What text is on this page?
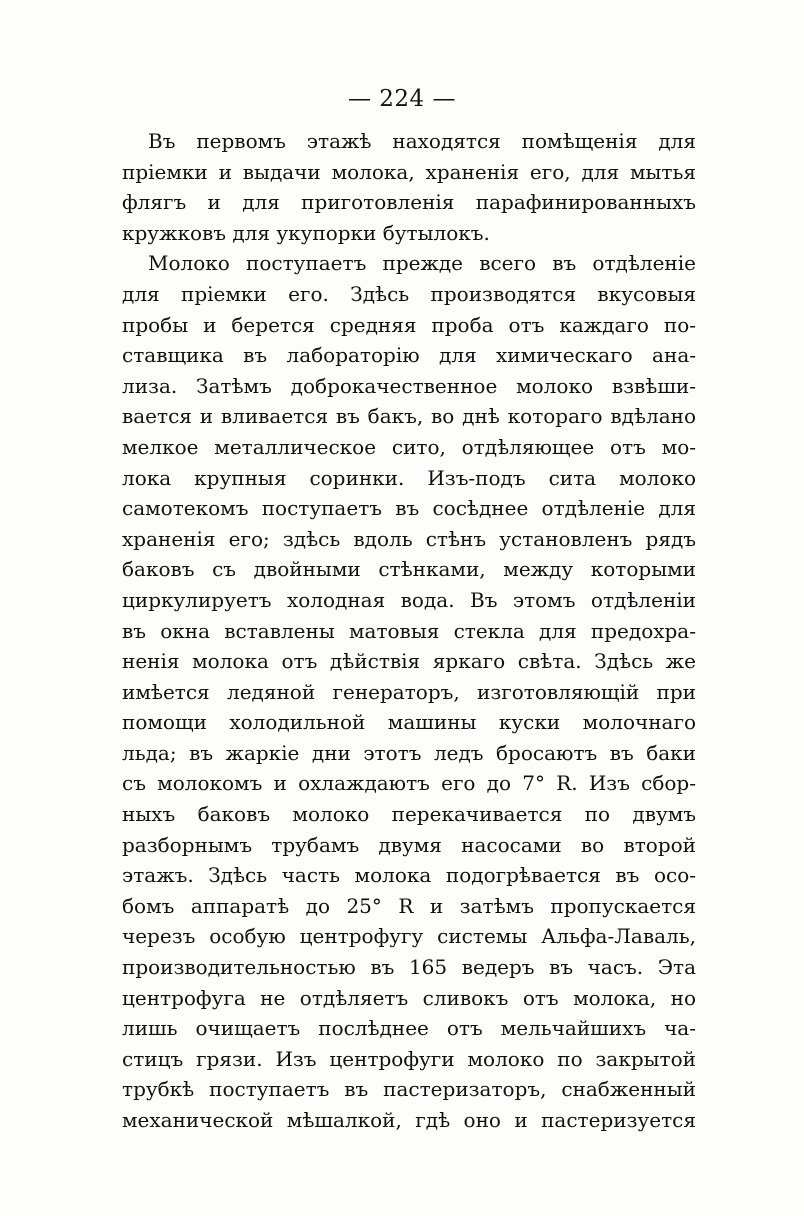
— 224 —
Въ первомъ этажѣ находятся помѣщенія для
пріемки и выдачи молока, храненія его, для мытья
флягъ и для приготовленія парафинированныхъ
кружковъ для укупорки бутылокъ.
Молоко поступаетъ прежде всего въ отдѣленіе
для пріемки его. Здѣсь производятся вкусовыя
пробы и берется средняя проба отъ каждаго по-
ставщика въ лабораторію для химическаго ана-
лиза. Затѣмъ доброкачественное молоко взвѣши-
вается и вливается въ бакъ, во днѣ котораго вдѣлано
мелкое металлическое сито, отдѣляющее отъ мо-
лока крупныя соринки. Изъ-подъ сита молоко
самотекомъ поступаетъ въ сосѣднее отдѣленіе для
храненія его; здѣсь вдоль стѣнъ установленъ рядъ
баковъ съ двойными стѣнками, между которыми
циркулируетъ холодная вода. Въ этомъ отдѣленіи
въ окна вставлены матовыя стекла для предохра-
ненія молока отъ дѣйствія яркаго свѣта. Здѣсь же
имѣется ледяной генераторъ, изготовляющій при
помощи холодильной машины куски молочнаго
льда; въ жаркіе дни этотъ ледъ бросаютъ въ баки
съ молокомъ и охлаждаютъ его до 7° R. Изъ сбор-
ныхъ баковъ молоко перекачивается по двумъ
разборнымъ трубамъ двумя насосами во второй
этажъ. Здѣсь часть молока подогрѣвается въ осо-
бомъ аппаратѣ до 25° R и затѣмъ пропускается
черезъ особую центрофугу системы Альфа-Лаваль,
производительностью въ 165 ведеръ въ часъ. Эта
центрофуга не отдѣляетъ сливокъ отъ молока, но
лишь очищаетъ послѣднее отъ мельчайшихъ ча-
стицъ грязи. Изъ центрофуги молоко по закрытой
трубкѣ поступаетъ въ пастеризаторъ, снабженный
механической мѣшалкой, гдѣ оно и пастеризуется
